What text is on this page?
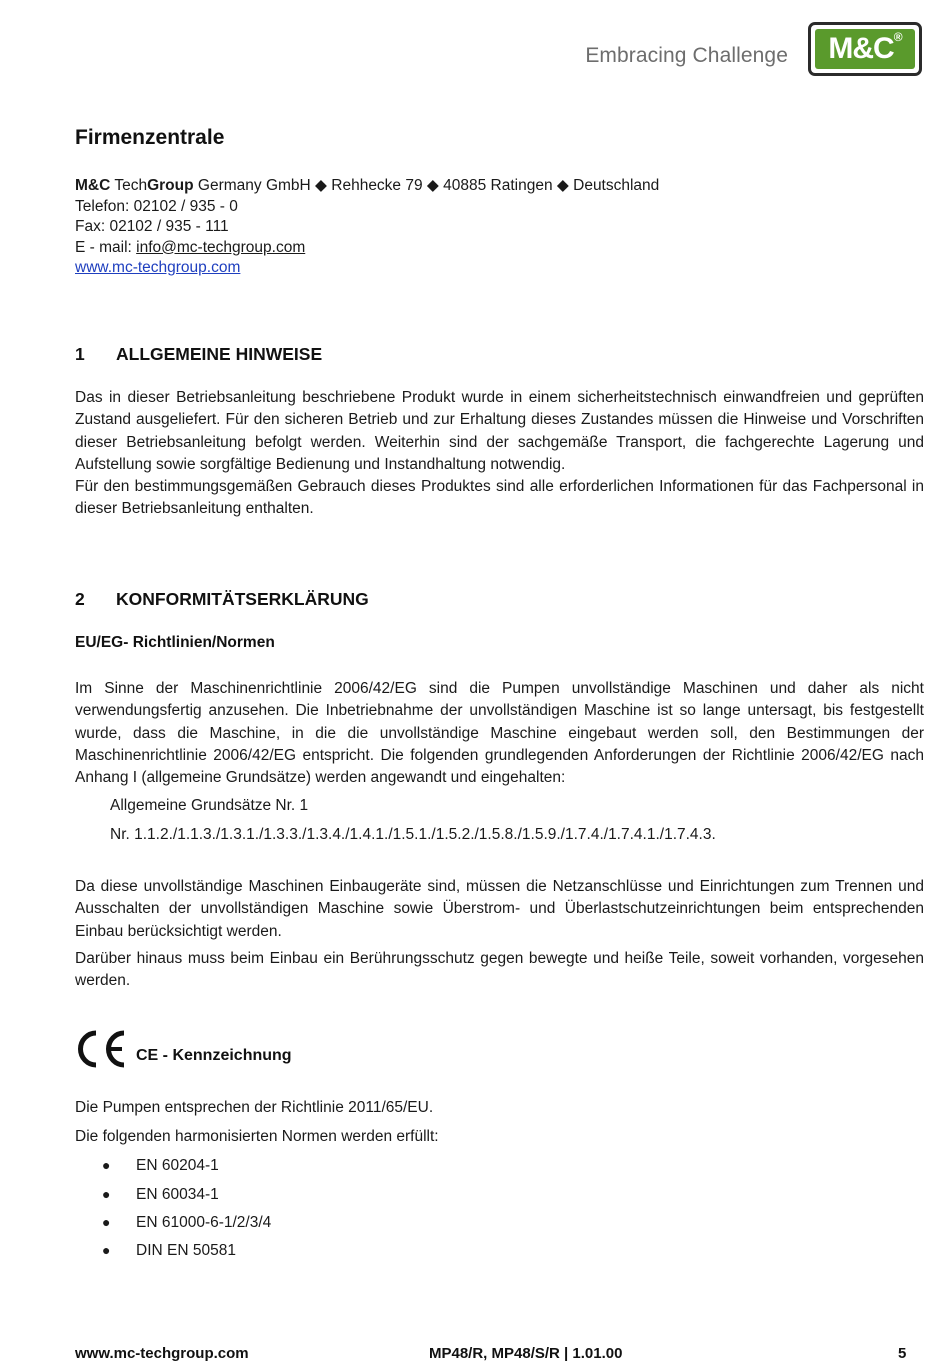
Embracing Challenge	M&C®
Firmenzentrale
M&C TechGroup Germany GmbH ◆ Rehhecke 79 ◆ 40885 Ratingen ◆ Deutschland
Telefon: 02102 / 935 - 0
Fax: 02102 / 935 - 111
E - mail: info@mc-techgroup.com
www.mc-techgroup.com
1 ALLGEMEINE HINWEISE

Das in dieser Betriebsanleitung beschriebene Produkt wurde in einem sicherheitstechnisch einwandfreien und geprüften Zustand ausgeliefert. Für den sicheren Betrieb und zur Erhaltung dieses Zustandes müssen die Hinweise und Vorschriften dieser Betriebsanleitung befolgt werden. Weiterhin sind der sachgemäße Transport, die fachgerechte Lagerung und Aufstellung sowie sorgfältige Bedienung und Instandhaltung notwendig.

Für den bestimmungsgemäßen Gebrauch dieses Produktes sind alle erforderlichen Informationen für das Fachpersonal in dieser Betriebsanleitung enthalten.

2 KONFORMITÄTSERKLÄRUNG
EU/EG- Richtlinien/Normen

Im Sinne der Maschinenrichtlinie 2006/42/EG sind die Pumpen unvollständige Maschinen und daher als nicht verwendungsfertig anzusehen. Die Inbetriebnahme der unvollständigen Maschine ist so lange untersagt, bis festgestellt wurde, dass die Maschine, in die die unvollständige Maschine eingebaut werden soll, den Bestimmungen der Maschinenrichtlinie 2006/42/EG entspricht. Die folgenden grundlegenden Anforderungen der Richtlinie 2006/42/EG nach Anhang I (allgemeine Grundsätze) werden angewandt und eingehalten:

Allgemeine Grundsätze Nr. 1
Nr. 1.1.2./1.1.3./1.3.1./1.3.3./1.3.4./1.4.1./1.5.1./1.5.2./1.5.8./1.5.9./1.7.4./1.7.4.1./1.7.4.3.

Da diese unvollständige Maschinen Einbaugeräte sind, müssen die Netzanschlüsse und Einrichtungen zum Trennen und Ausschalten der unvollständigen Maschine sowie Überstrom- und Überlastschutzeinrichtungen beim entsprechenden Einbau berücksichtigt werden.

Darüber hinaus muss beim Einbau ein Berührungsschutz gegen bewegte und heiße Teile, soweit vorhanden, vorgesehen werden.

CE - Kennzeichnung
Die Pumpen entsprechen der Richtlinie 2011/65/EU.
Die folgenden harmonisierten Normen werden erfüllt:
● EN 60204-1
● EN 60034-1
● EN 61000-6-1/2/3/4
● DIN EN 50581
www.mc-techgroup.com	MP48/R, MP48/S/R | 1.01.00	5
